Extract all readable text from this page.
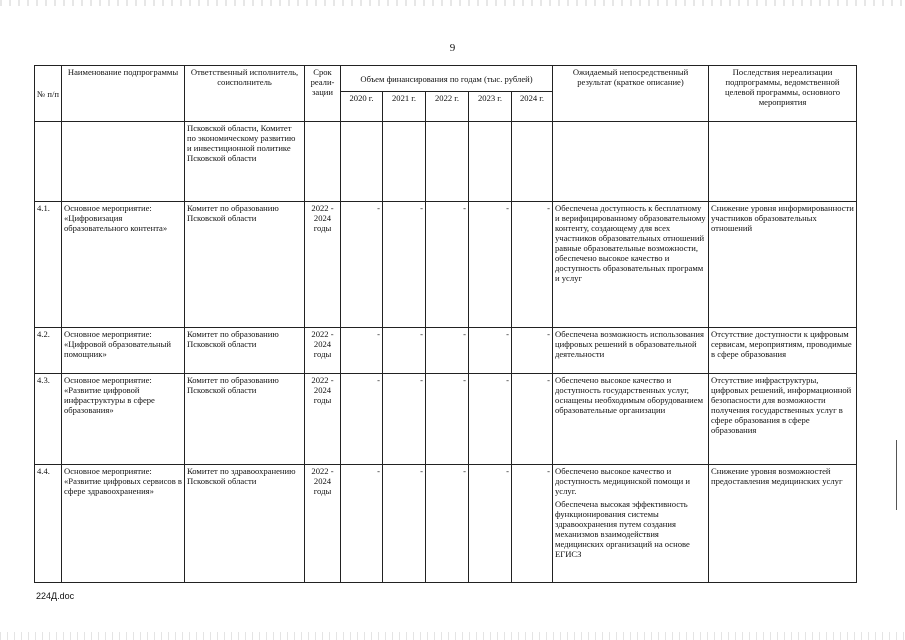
9
№ п/п	Наименование подпрограммы	Ответственный исполнитель, соисполнитель	Срок реали-зации	Объем финансирования по годам (тыс. рублей)					Ожидаемый непосредственный результат (краткое описание)	Последствия нереализации подпрограммы, ведомственной целевой программы, основного мероприятия
				2020 г.	2021 г.	2022 г.	2023 г.	2024 г.		
		Псковской области, Комитет по экономическому развитию и инвестиционной политике Псковской области								
4.1.	Основное мероприятие: «Цифровизация образовательного контента»	Комитет по образованию Псковской области	2022 - 2024 годы	-	-	-	-	-	Обеспечена доступность к бесплатному и верифицированному образовательному контенту, создающему для всех участников образовательных отношений равные образовательные возможности, обеспечено высокое качество и доступность образовательных программ и услуг	Снижение уровня информированности участников образовательных отношений
4.2.	Основное мероприятие: «Цифровой образовательный помощник»	Комитет по образованию Псковской области	2022 - 2024 годы	-	-	-	-	-	Обеспечена возможность использования цифровых решений в образовательной деятельности	Отсутствие доступности к цифровым сервисам, мероприятиям, проводимые в сфере образования
4.3.	Основное мероприятие: «Развитие цифровой инфраструктуры в сфере образования»	Комитет по образованию Псковской области	2022 - 2024 годы	-	-	-	-	-	Обеспечено высокое качество и доступность государственных услуг, оснащены необходимым оборудованием образовательные организации	Отсутствие инфраструктуры, цифровых решений, информационной безопасности для возможности получения государственных услуг в сфере образования в сфере образования
4.4.	Основное мероприятие: «Развитие цифровых сервисов в сфере здравоохранения»	Комитет по здравоохранению Псковской области	2022 - 2024 годы	-	-	-	-	-	Обеспечено высокое качество и доступность медицинской помощи и услуг.
Обеспечена высокая эффективность функционирования системы здравоохранения путем создания механизмов взаимодействия медицинских организаций на основе ЕГИСЗ	Снижение уровня возможностей предоставления медицинских услуг
224Д.doc
